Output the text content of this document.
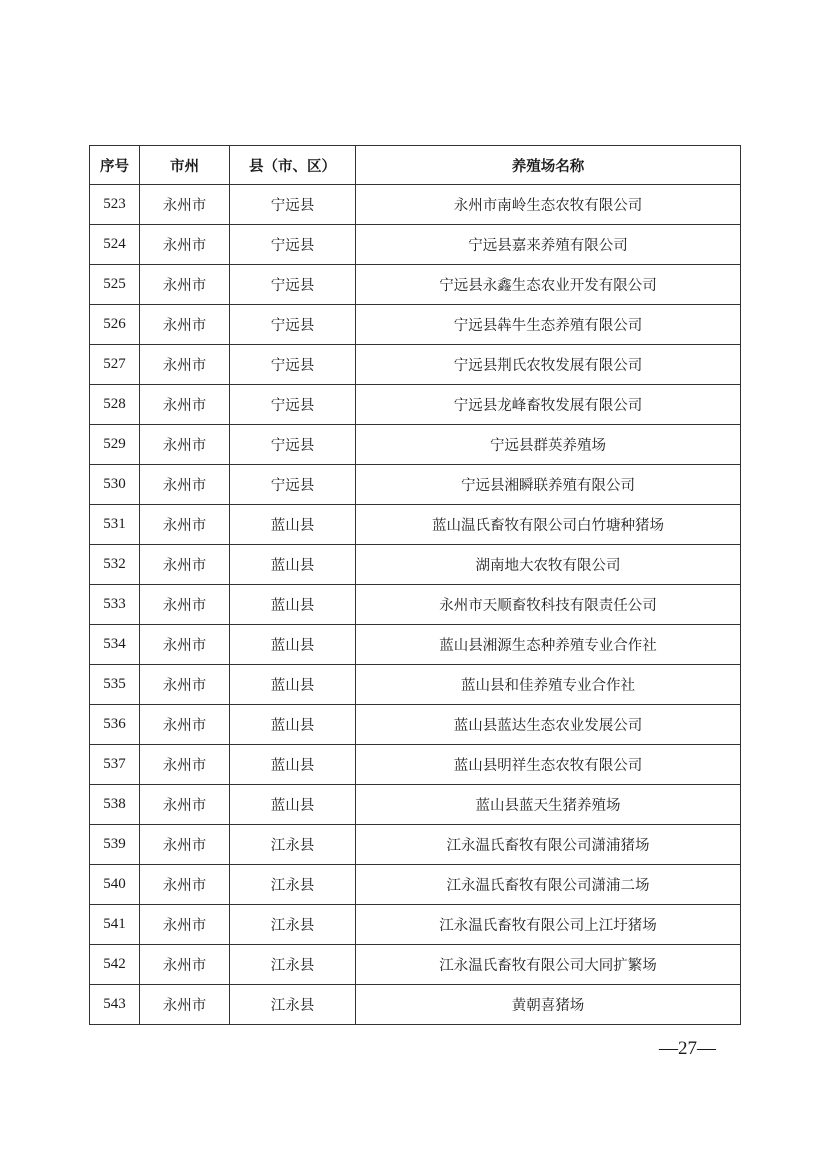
序号	市州	县（市、区）	养殖场名称
523	永州市	宁远县	永州市南岭生态农牧有限公司
524	永州市	宁远县	宁远县嘉来养殖有限公司
525	永州市	宁远县	宁远县永鑫生态农业开发有限公司
526	永州市	宁远县	宁远县犇牛生态养殖有限公司
527	永州市	宁远县	宁远县荆氏农牧发展有限公司
528	永州市	宁远县	宁远县龙峰畜牧发展有限公司
529	永州市	宁远县	宁远县群英养殖场
530	永州市	宁远县	宁远县湘瞬联养殖有限公司
531	永州市	蓝山县	蓝山温氏畜牧有限公司白竹塘种猪场
532	永州市	蓝山县	湖南地大农牧有限公司
533	永州市	蓝山县	永州市天顺畜牧科技有限责任公司
534	永州市	蓝山县	蓝山县湘源生态种养殖专业合作社
535	永州市	蓝山县	蓝山县和佳养殖专业合作社
536	永州市	蓝山县	蓝山县蓝达生态农业发展公司
537	永州市	蓝山县	蓝山县明祥生态农牧有限公司
538	永州市	蓝山县	蓝山县蓝天生猪养殖场
539	永州市	江永县	江永温氏畜牧有限公司潇浦猪场
540	永州市	江永县	江永温氏畜牧有限公司潇浦二场
541	永州市	江永县	江永温氏畜牧有限公司上江圩猪场
542	永州市	江永县	江永温氏畜牧有限公司大同扩繁场
543	永州市	江永县	黄朝喜猪场
—27—
